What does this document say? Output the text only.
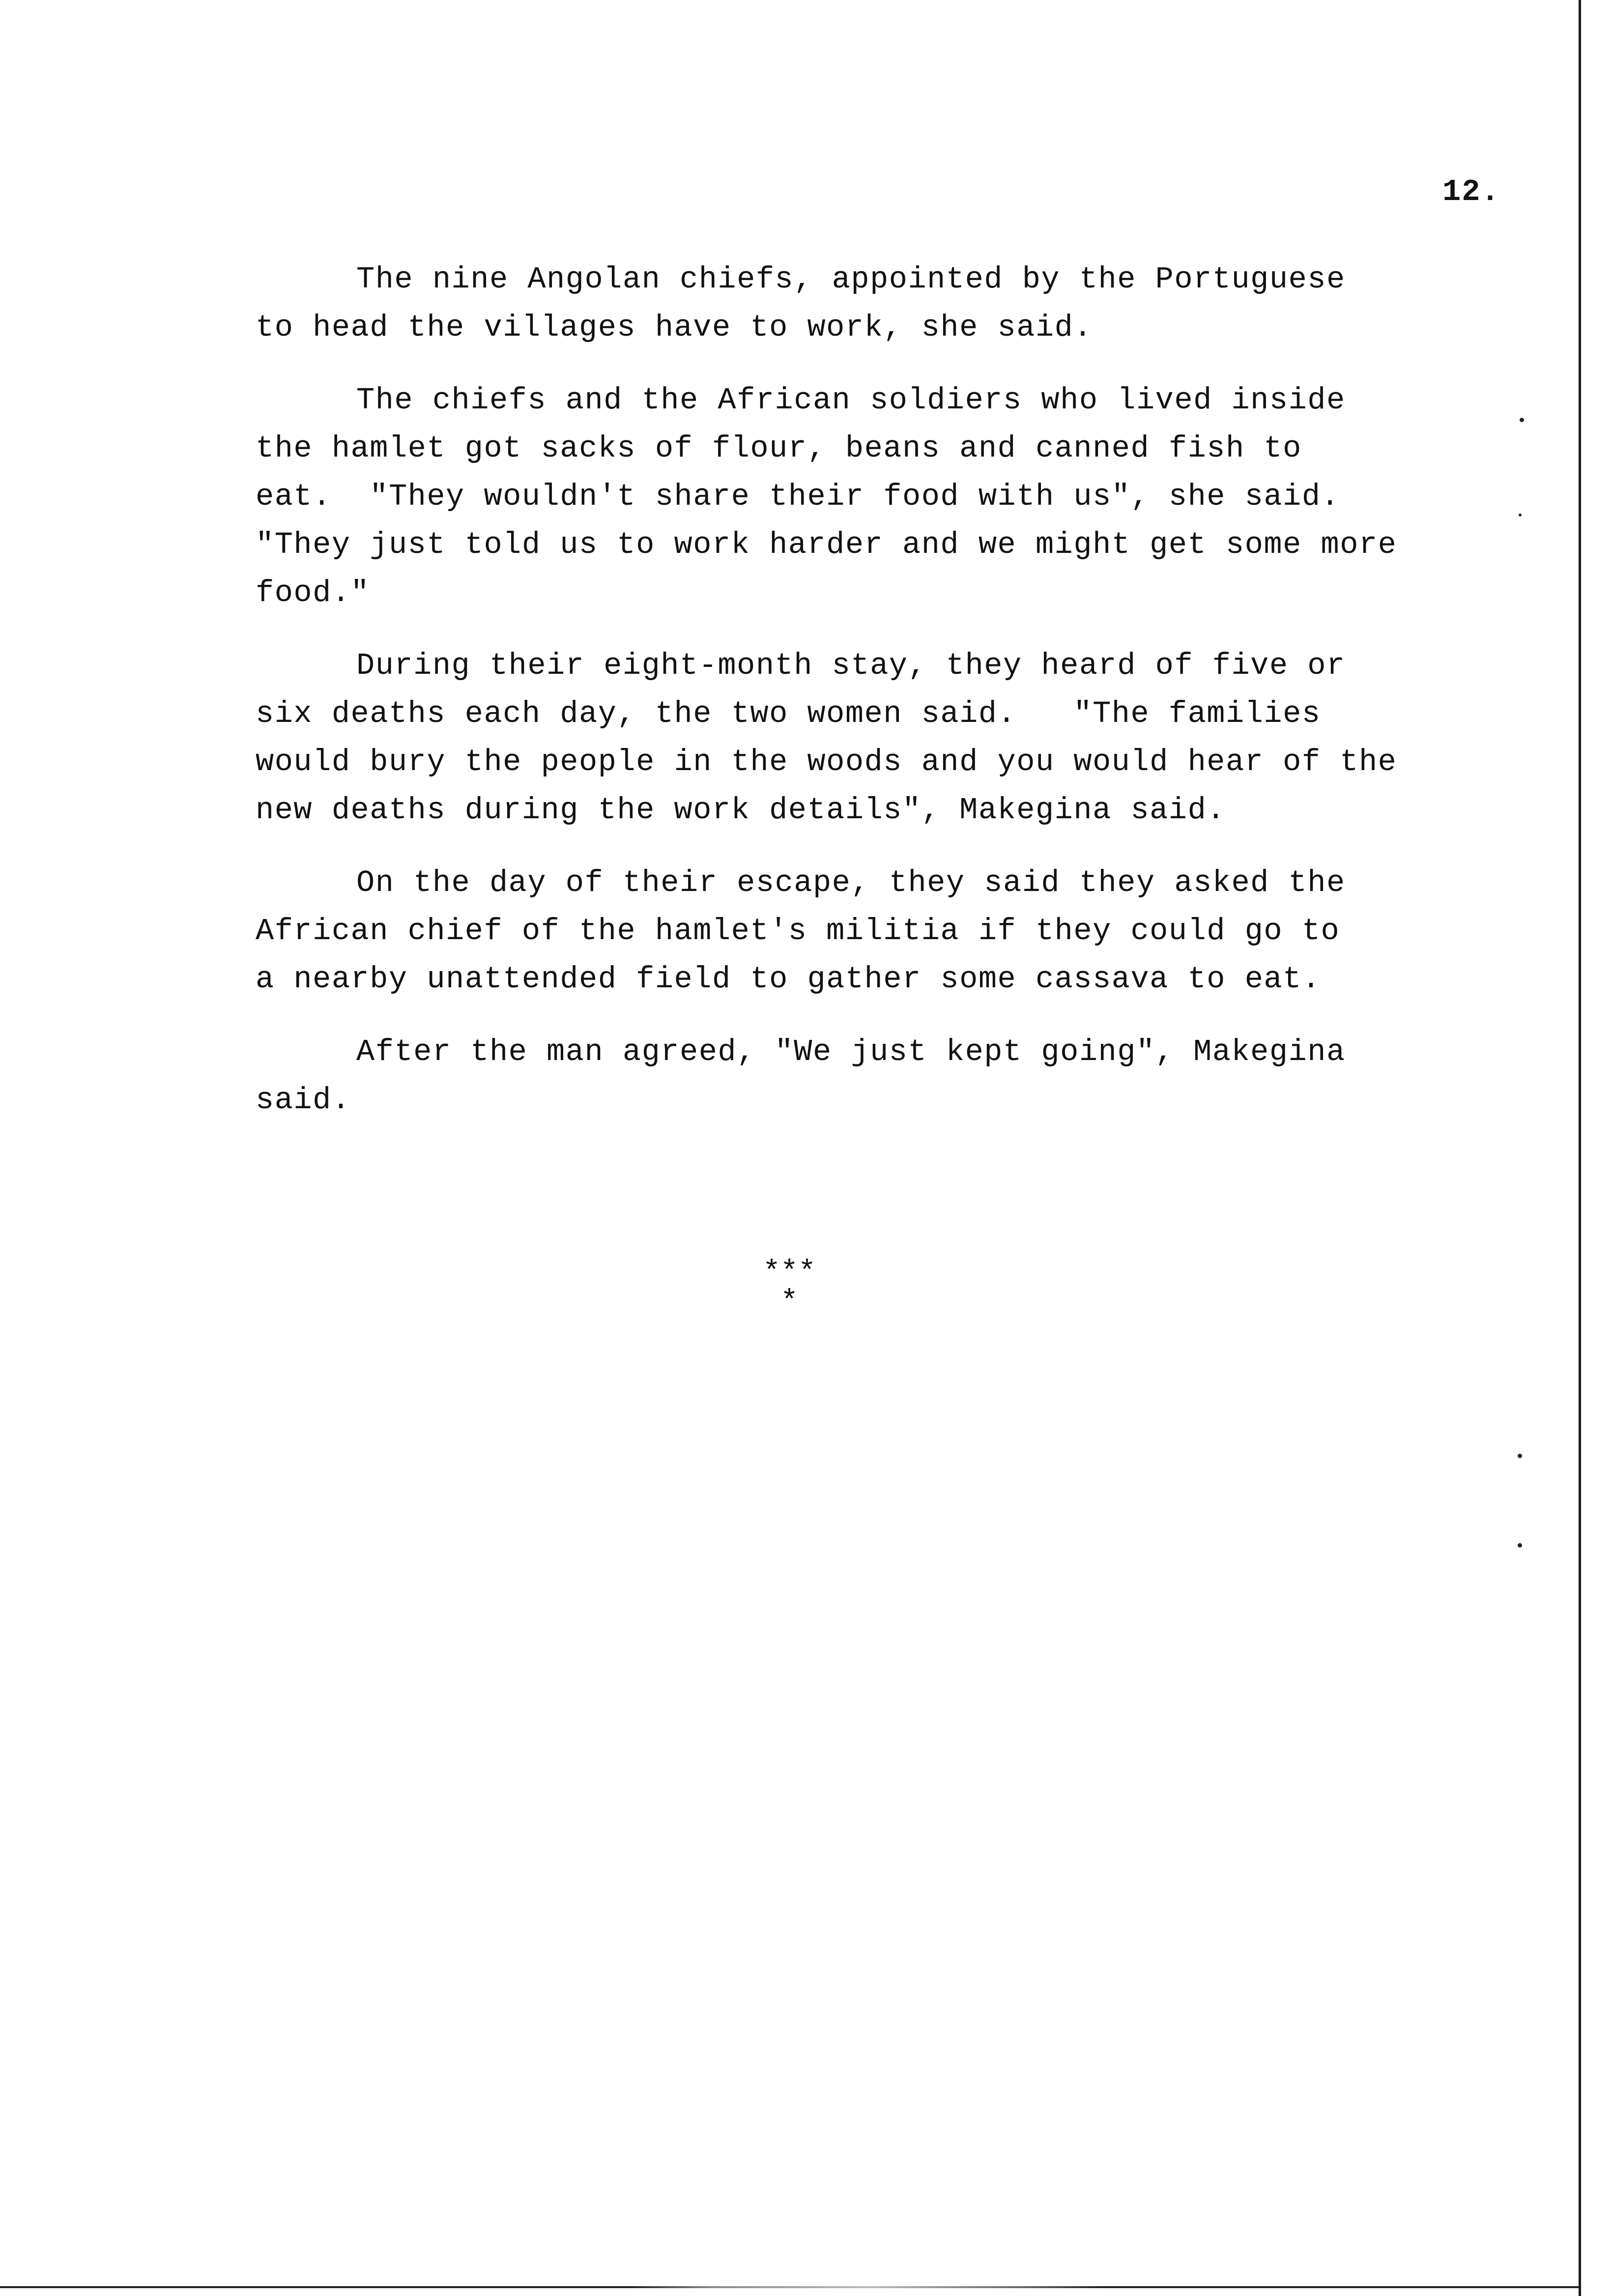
12.
The nine Angolan chiefs, appointed by the Portuguese
to head the villages have to work, she said.
The chiefs and the African soldiers who lived inside
the hamlet got sacks of flour, beans and canned fish to
eat.  "They wouldn't share their food with us", she said.
"They just told us to work harder and we might get some more
food."
During their eight-month stay, they heard of five or
six deaths each day, the two women said.   "The families
would bury the people in the woods and you would hear of the
new deaths during the work details", Makegina said.
On the day of their escape, they said they asked the
African chief of the hamlet's militia if they could go to
a nearby unattended field to gather some cassava to eat.
After the man agreed, "We just kept going", Makegina
said.
***
*
